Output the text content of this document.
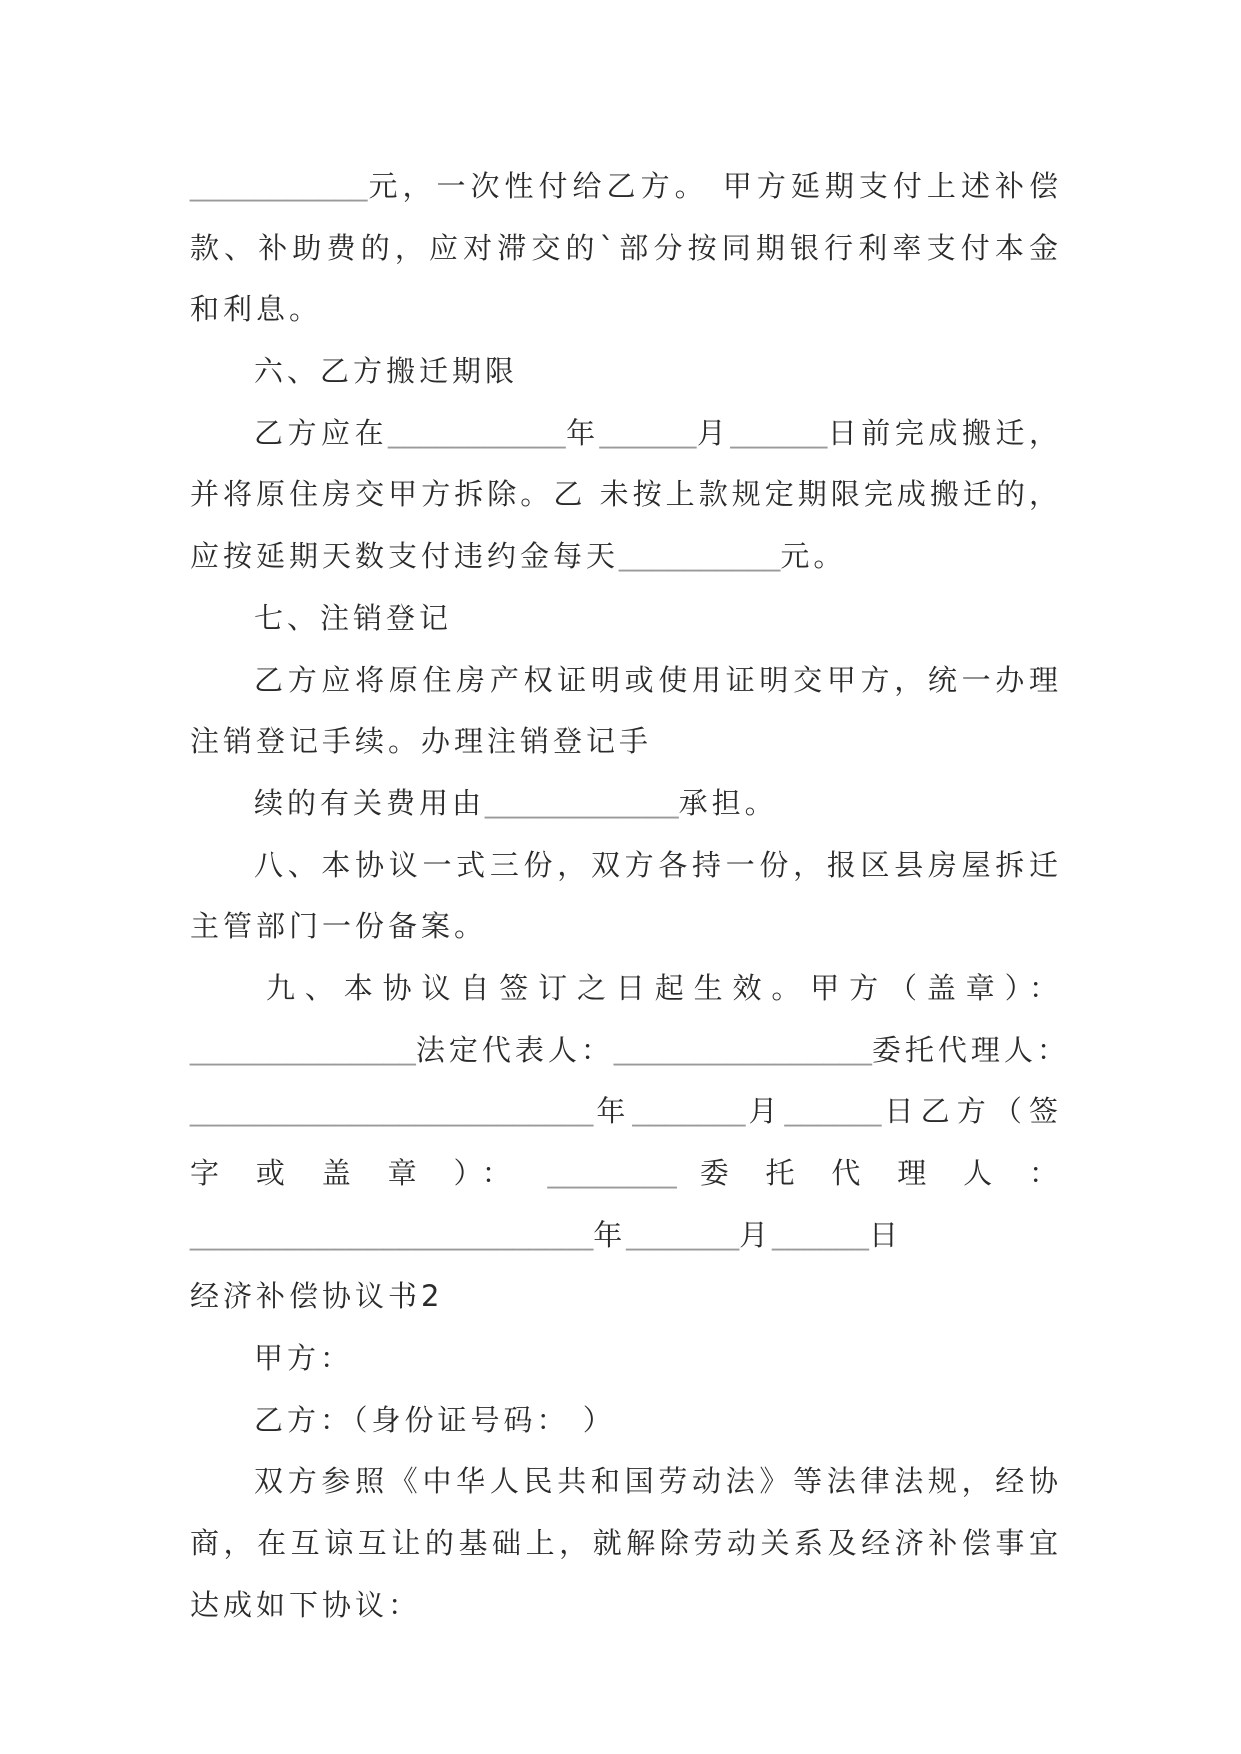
___________元，一次性付给乙方。 甲方延期支付上述补偿
款、补助费的，应对滞交的`部分按同期银行利率支付本金
和利息。
六、乙方搬迁期限
乙方应在___________年______月______日前完成搬迁，
并将原住房交甲方拆除。乙 未按上款规定期限完成搬迁的，
应按延期天数支付违约金每天__________元。
七、注销登记
乙方应将原住房产权证明或使用证明交甲方，统一办理
注销登记手续。办理注销登记手
续的有关费用由____________承担。
八、本协议一式三份，双方各持一份，报区县房屋拆迁
主管部门一份备案。
九、本协议自签订之日起生效。甲方（盖章）：
______________法定代表人：________________委托代理人：
_________________________年_______月______日乙方（签
字 或 盖 章 ）： ________ 委 托 代 理 人 ：
_________________________年_______月______日
经济补偿协议书2
甲方：
乙方：（身份证号码： ）
双方参照《中华人民共和国劳动法》等法律法规，经协
商，在互谅互让的基础上，就解除劳动关系及经济补偿事宜
达成如下协议：
